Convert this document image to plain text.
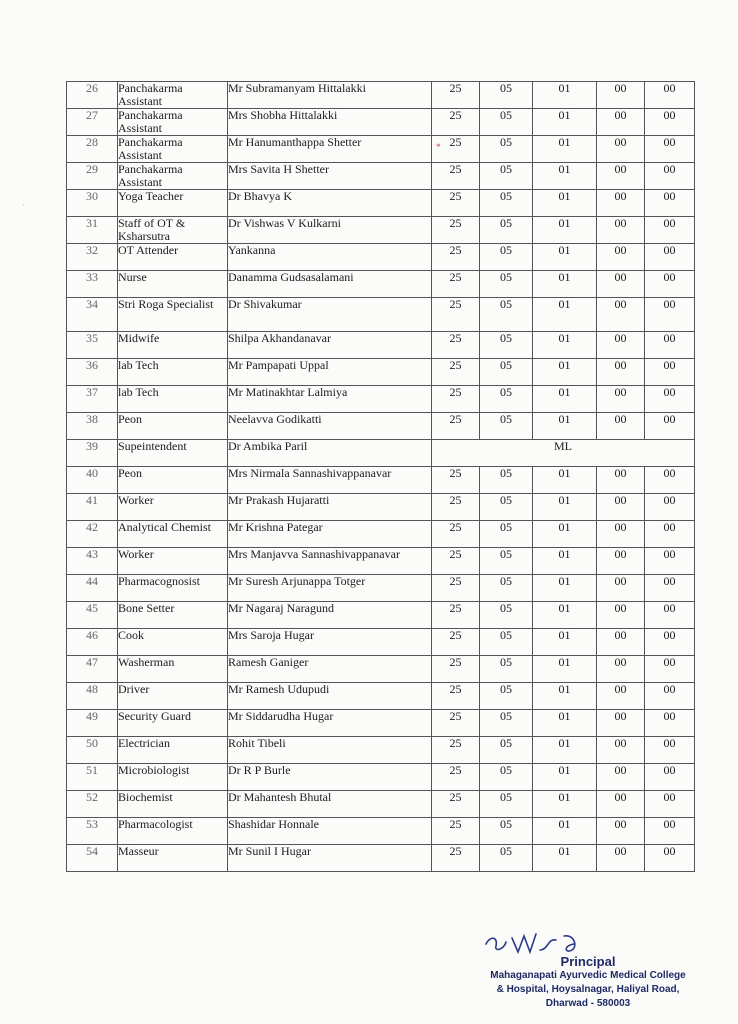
·
*
26	Panchakarma Assistant	Mr Subramanyam Hittalakki	25	05	01	00	00
27	Panchakarma Assistant	Mrs Shobha Hittalakki	25	05	01	00	00
28	Panchakarma Assistant	Mr Hanumanthappa Shetter	25	05	01	00	00
29	Panchakarma Assistant	Mrs Savita H Shetter	25	05	01	00	00
30	Yoga Teacher	Dr Bhavya K	25	05	01	00	00
31	Staff of OT & Ksharsutra	Dr Vishwas V Kulkarni	25	05	01	00	00
32	OT Attender	Yankanna	25	05	01	00	00
33	Nurse	Danamma Gudsasalamani	25	05	01	00	00
34	Stri Roga Specialist	Dr Shivakumar	25	05	01	00	00
35	Midwife	Shilpa Akhandanavar	25	05	01	00	00
36	lab Tech	Mr Pampapati Uppal	25	05	01	00	00
37	lab Tech	Mr Matinakhtar Lalmiya	25	05	01	00	00
38	Peon	Neelavva Godikatti	25	05	01	00	00
39	Supeintendent	Dr Ambika Paril	ML				
40	Peon	Mrs Nirmala Sannashivappanavar	25	05	01	00	00
41	Worker	Mr Prakash Hujaratti	25	05	01	00	00
42	Analytical Chemist	Mr Krishna Pategar	25	05	01	00	00
43	Worker	Mrs Manjavva Sannashivappanavar	25	05	01	00	00
44	Pharmacognosist	Mr Suresh Arjunappa Totger	25	05	01	00	00
45	Bone Setter	Mr Nagaraj Naragund	25	05	01	00	00
46	Cook	Mrs Saroja Hugar	25	05	01	00	00
47	Washerman	Ramesh Ganiger	25	05	01	00	00
48	Driver	Mr Ramesh Udupudi	25	05	01	00	00
49	Security Guard	Mr Siddarudha Hugar	25	05	01	00	00
50	Electrician	Rohit Tibeli	25	05	01	00	00
51	Microbiologist	Dr R P Burle	25	05	01	00	00
52	Biochemist	Dr Mahantesh Bhutal	25	05	01	00	00
53	Pharmacologist	Shashidar Honnale	25	05	01	00	00
54	Masseur	Mr Sunil I Hugar	25	05	01	00	00
Principal
Mahaganapati Ayurvedic Medical College
& Hospital, Hoysalnagar, Haliyal Road,
Dharwad - 580003
